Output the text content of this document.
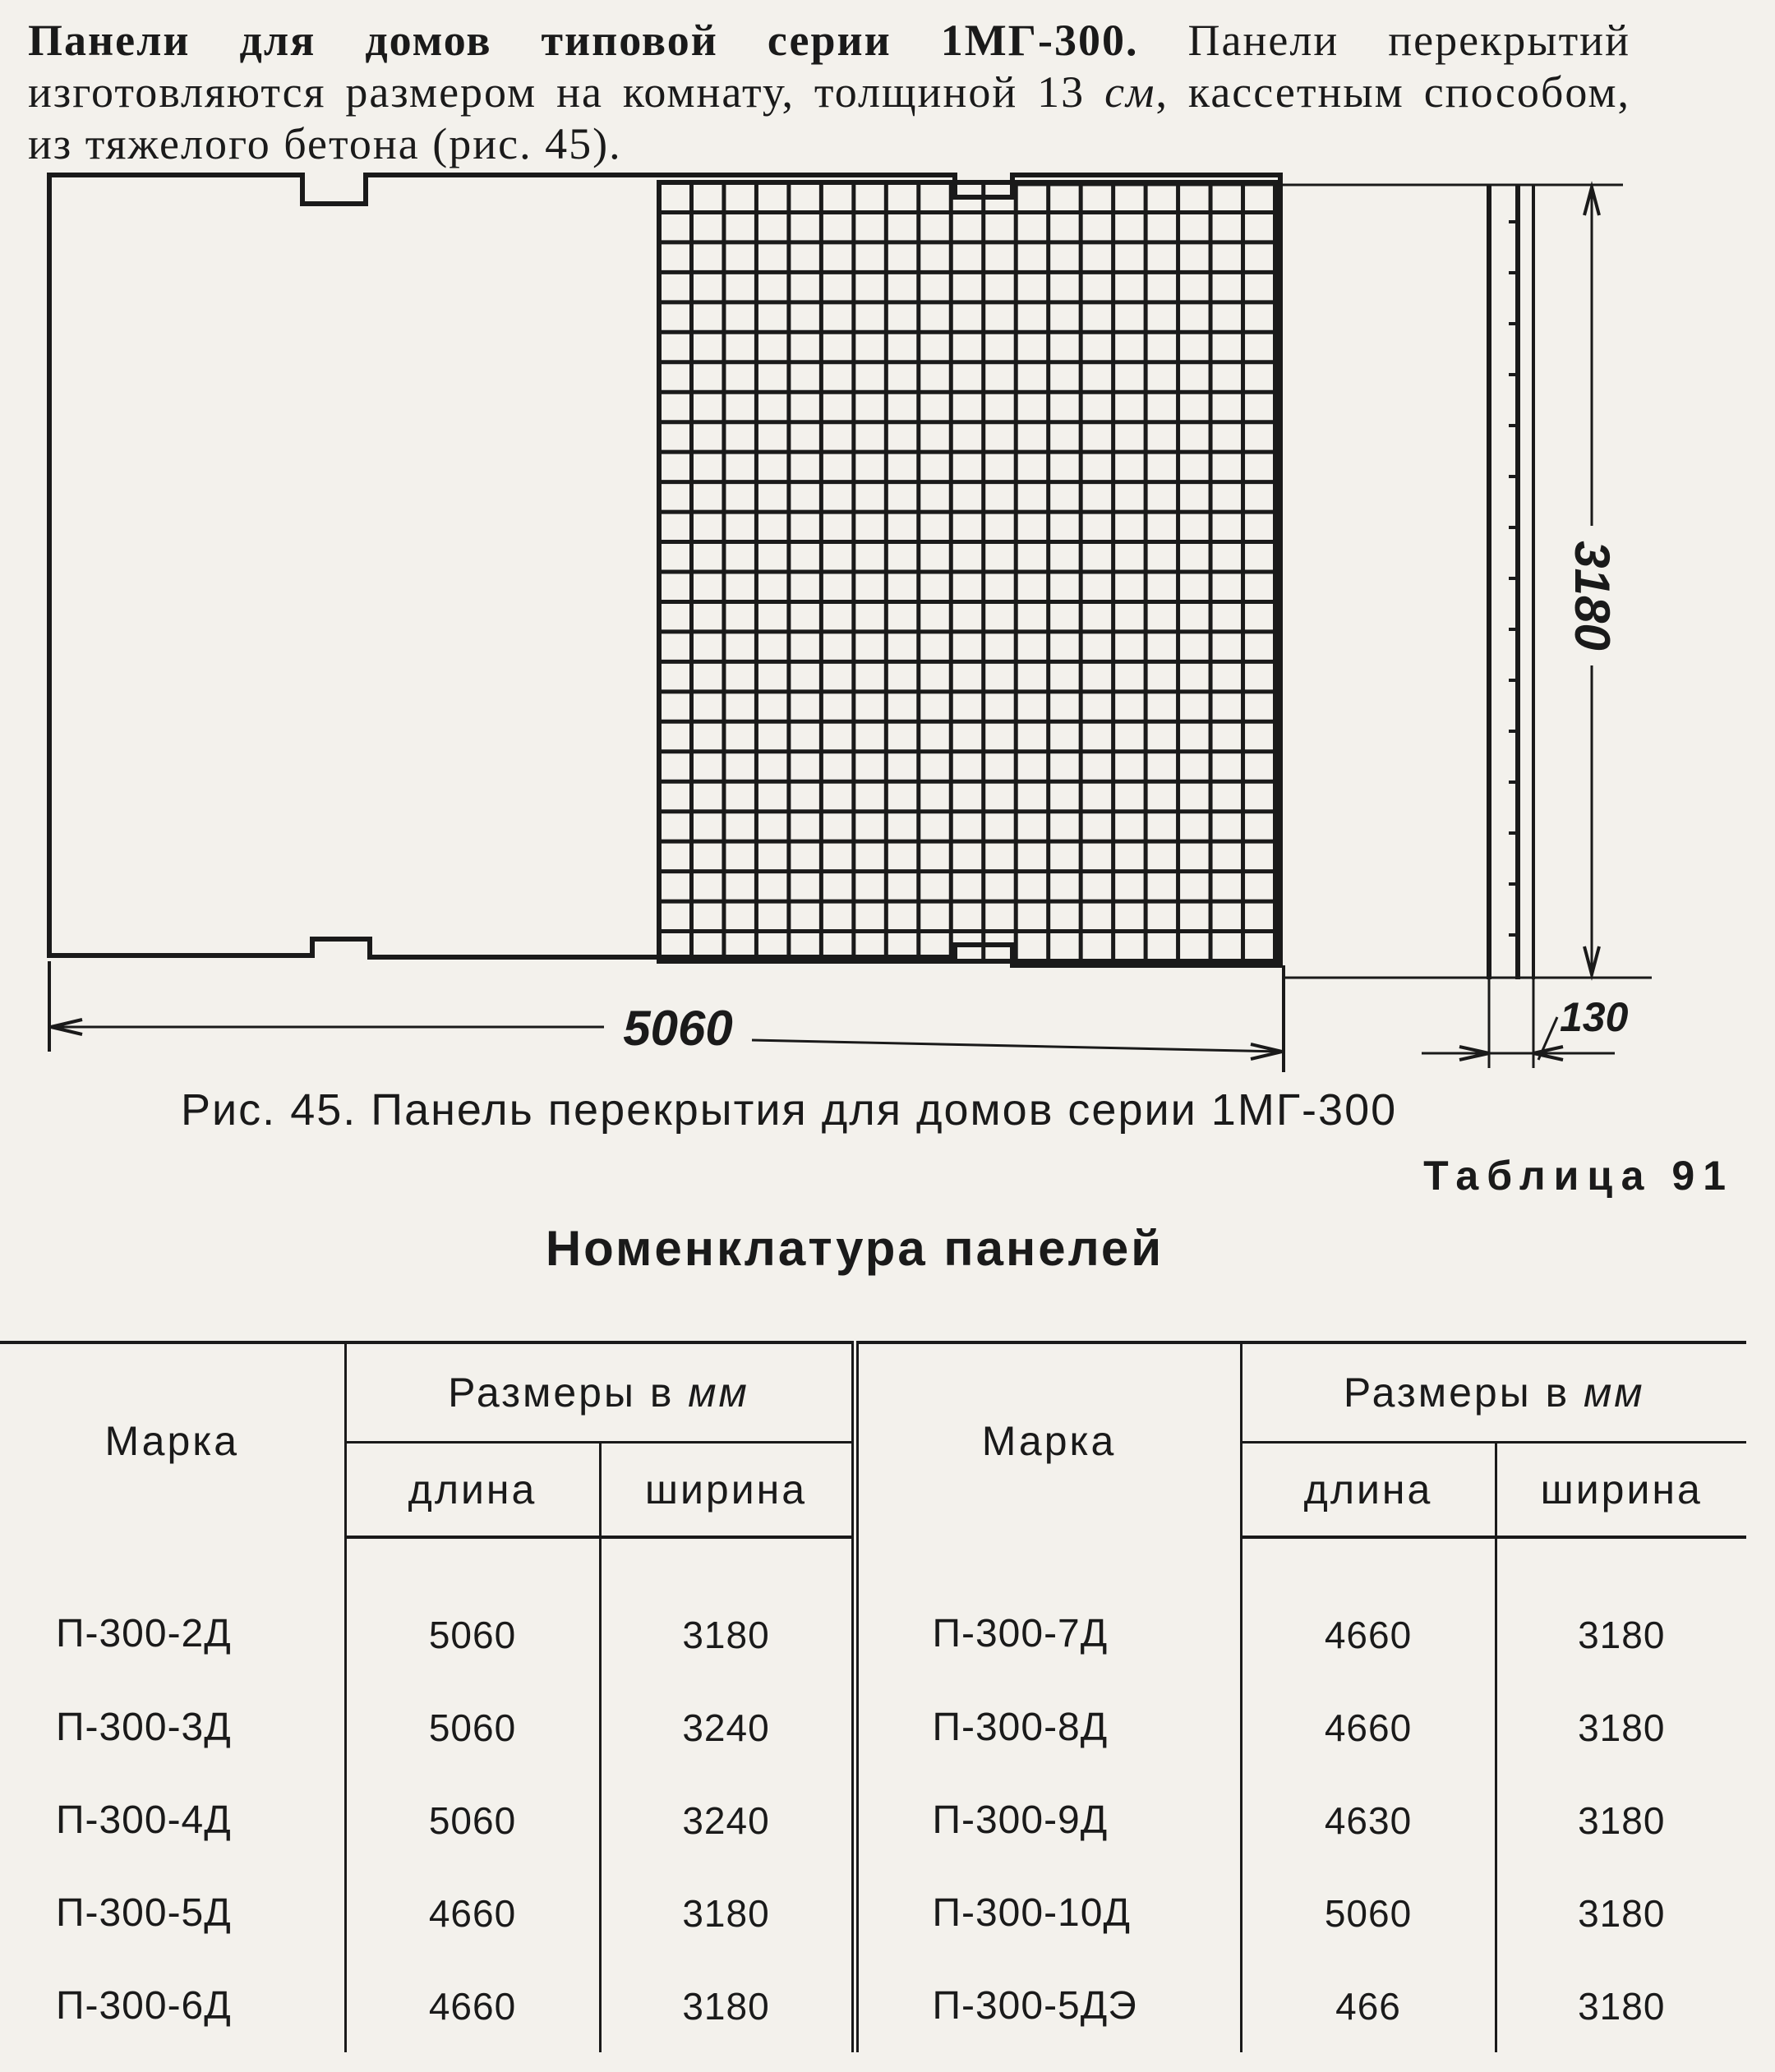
Панели для домов типовой серии 1МГ-300. Панели перекрытий изготовляются размером на комнату, толщиной 13 см, кассетным способом, из тяжелого бетона (рис. 45).
5060
3180
130
Рис. 45. Панель перекрытия для домов серии 1МГ-300
Таблица 91
Номенклатура панелей
Марка	Размеры в мм		Марка	Размеры в мм	
	длина	ширина		длина	ширина
П-300-2Д	5060	3180	П-300-7Д	4660	3180
П-300-3Д	5060	3240	П-300-8Д	4660	3180
П-300-4Д	5060	3240	П-300-9Д	4630	3180
П-300-5Д	4660	3180	П-300-10Д	5060	3180
П-300-6Д	4660	3180	П-300-5ДЭ	466	3180
